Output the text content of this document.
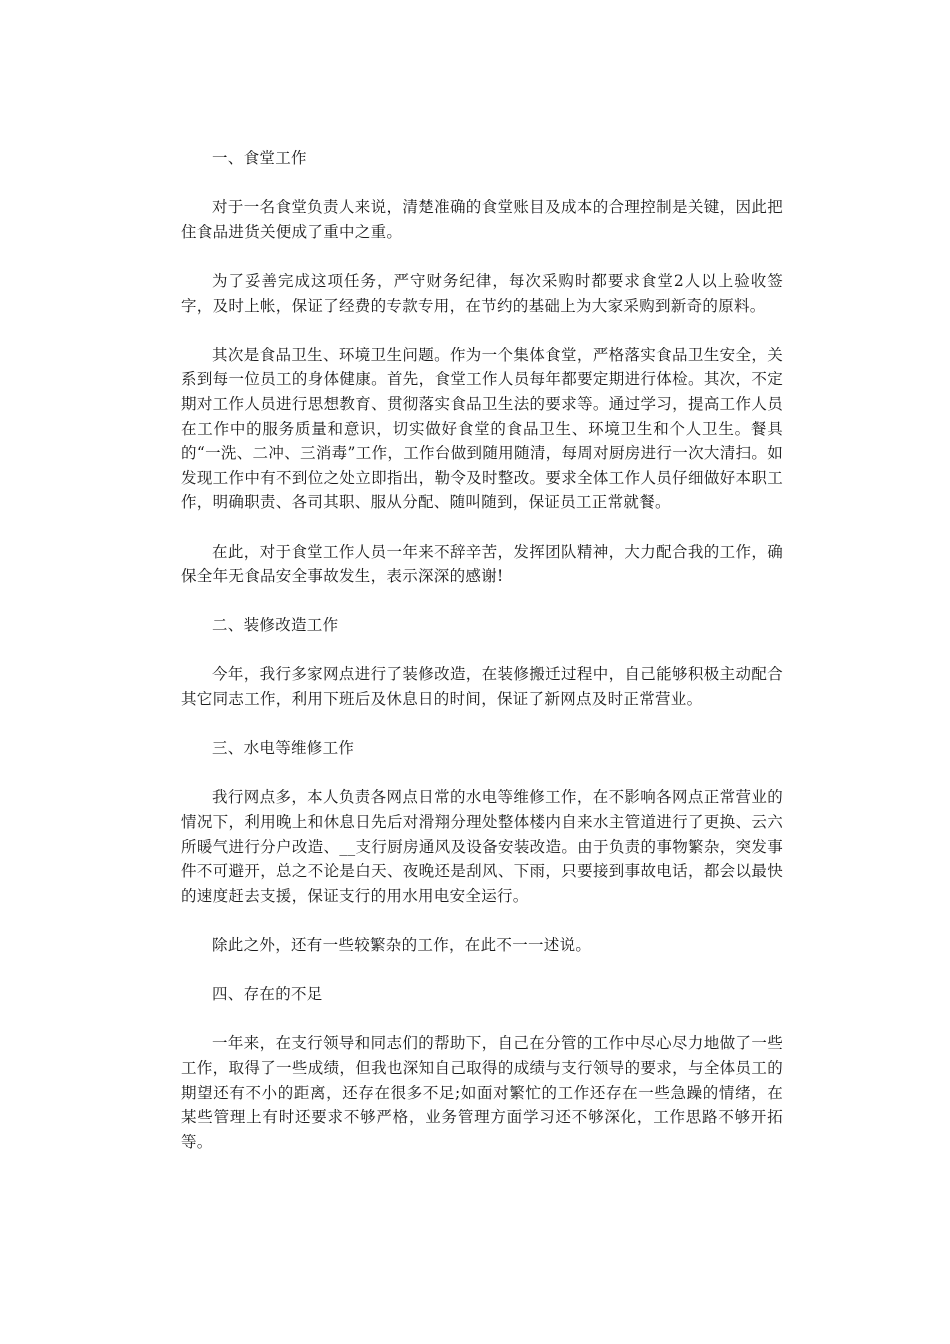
一、食堂工作

对于一名食堂负责人来说，清楚准确的食堂账目及成本的合理控制是关键，因此把住食品进货关便成了重中之重。

为了妥善完成这项任务，严守财务纪律，每次采购时都要求食堂2人以上验收签字，及时上帐，保证了经费的专款专用，在节约的基础上为大家采购到新奇的原料。

其次是食品卫生、环境卫生问题。作为一个集体食堂，严格落实食品卫生安全，关系到每一位员工的身体健康。首先，食堂工作人员每年都要定期进行体检。其次，不定期对工作人员进行思想教育、贯彻落实食品卫生法的要求等。通过学习，提高工作人员在工作中的服务质量和意识，切实做好食堂的食品卫生、环境卫生和个人卫生。餐具的“一洗、二冲、三消毒”工作，工作台做到随用随清，每周对厨房进行一次大清扫。如发现工作中有不到位之处立即指出，勒令及时整改。要求全体工作人员仔细做好本职工作，明确职责、各司其职、服从分配、随叫随到，保证员工正常就餐。

在此，对于食堂工作人员一年来不辞辛苦，发挥团队精神，大力配合我的工作，确保全年无食品安全事故发生，表示深深的感谢!

二、装修改造工作

今年，我行多家网点进行了装修改造，在装修搬迁过程中，自己能够积极主动配合其它同志工作，利用下班后及休息日的时间，保证了新网点及时正常营业。

三、水电等维修工作

我行网点多，本人负责各网点日常的水电等维修工作，在不影响各网点正常营业的情况下，利用晚上和休息日先后对滑翔分理处整体楼内自来水主管道进行了更换、云六所暖气进行分户改造、__支行厨房通风及设备安装改造。由于负责的事物繁杂，突发事件不可避开，总之不论是白天、夜晚还是刮风、下雨，只要接到事故电话，都会以最快的速度赶去支援，保证支行的用水用电安全运行。

除此之外，还有一些较繁杂的工作，在此不一一述说。

四、存在的不足

一年来，在支行领导和同志们的帮助下，自己在分管的工作中尽心尽力地做了一些工作，取得了一些成绩，但我也深知自己取得的成绩与支行领导的要求，与全体员工的期望还有不小的距离，还存在很多不足;如面对繁忙的工作还存在一些急躁的情绪，在某些管理上有时还要求不够严格，业务管理方面学习还不够深化，工作思路不够开拓等。
